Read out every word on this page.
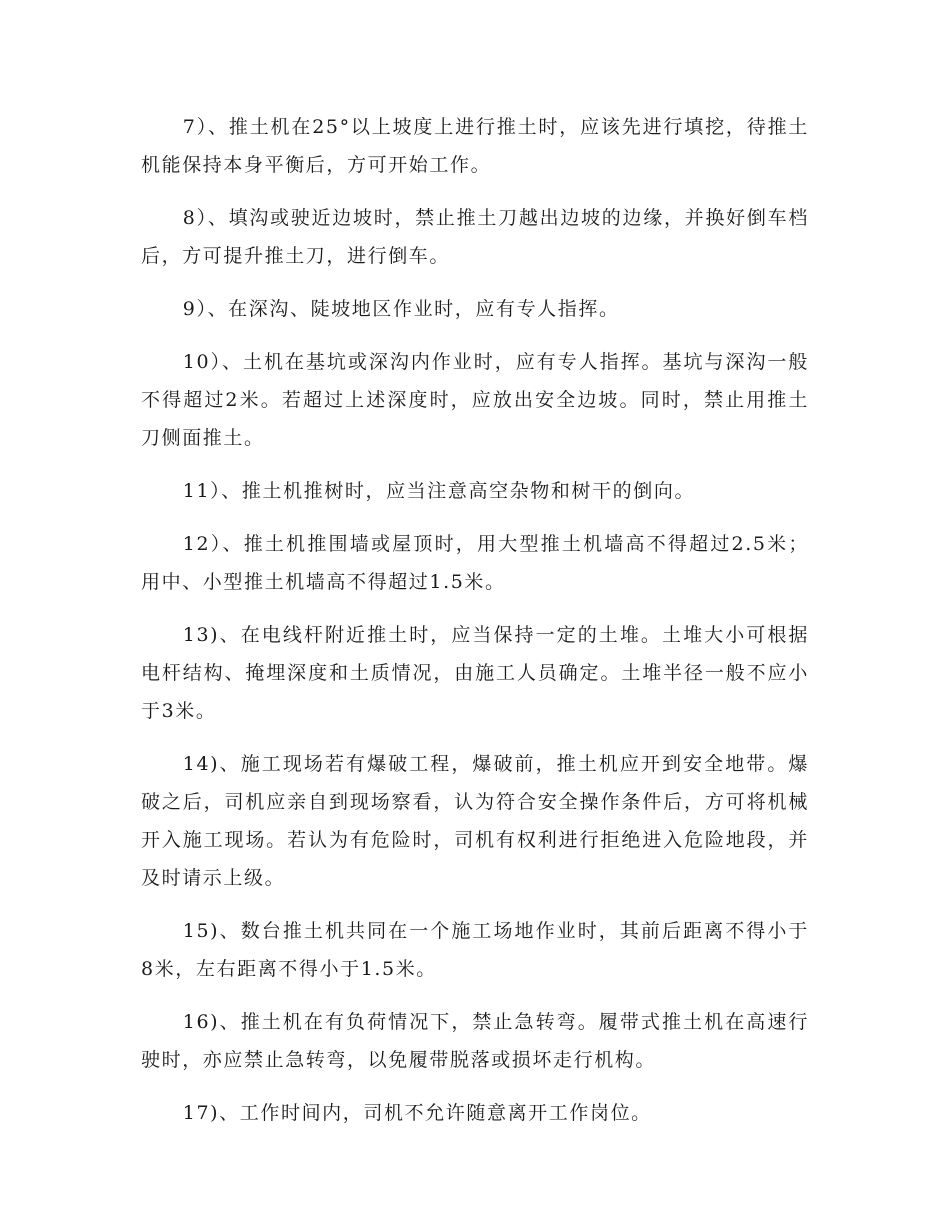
7）、推土机在25°以上坡度上进行推土时，应该先进行填挖，待推土机能保持本身平衡后，方可开始工作。

8）、填沟或驶近边坡时，禁止推土刀越出边坡的边缘，并换好倒车档后，方可提升推土刀，进行倒车。

9）、在深沟、陡坡地区作业时，应有专人指挥。

10）、土机在基坑或深沟内作业时，应有专人指挥。基坑与深沟一般不得超过2米。若超过上述深度时，应放出安全边坡。同时，禁止用推土刀侧面推土。

11）、推土机推树时，应当注意高空杂物和树干的倒向。

12）、推土机推围墙或屋顶时，用大型推土机墙高不得超过2.5米；用中、小型推土机墙高不得超过1.5米。

13)、在电线杆附近推土时，应当保持一定的土堆。土堆大小可根据电杆结构、掩埋深度和土质情况，由施工人员确定。土堆半径一般不应小于3米。

14)、施工现场若有爆破工程，爆破前，推土机应开到安全地带。爆破之后，司机应亲自到现场察看，认为符合安全操作条件后，方可将机械开入施工现场。若认为有危险时，司机有权利进行拒绝进入危险地段，并及时请示上级。

15)、数台推土机共同在一个施工场地作业时，其前后距离不得小于8米，左右距离不得小于1.5米。

16)、推土机在有负荷情况下，禁止急转弯。履带式推土机在高速行驶时，亦应禁止急转弯，以免履带脱落或损坏走行机构。

17)、工作时间内，司机不允许随意离开工作岗位。
